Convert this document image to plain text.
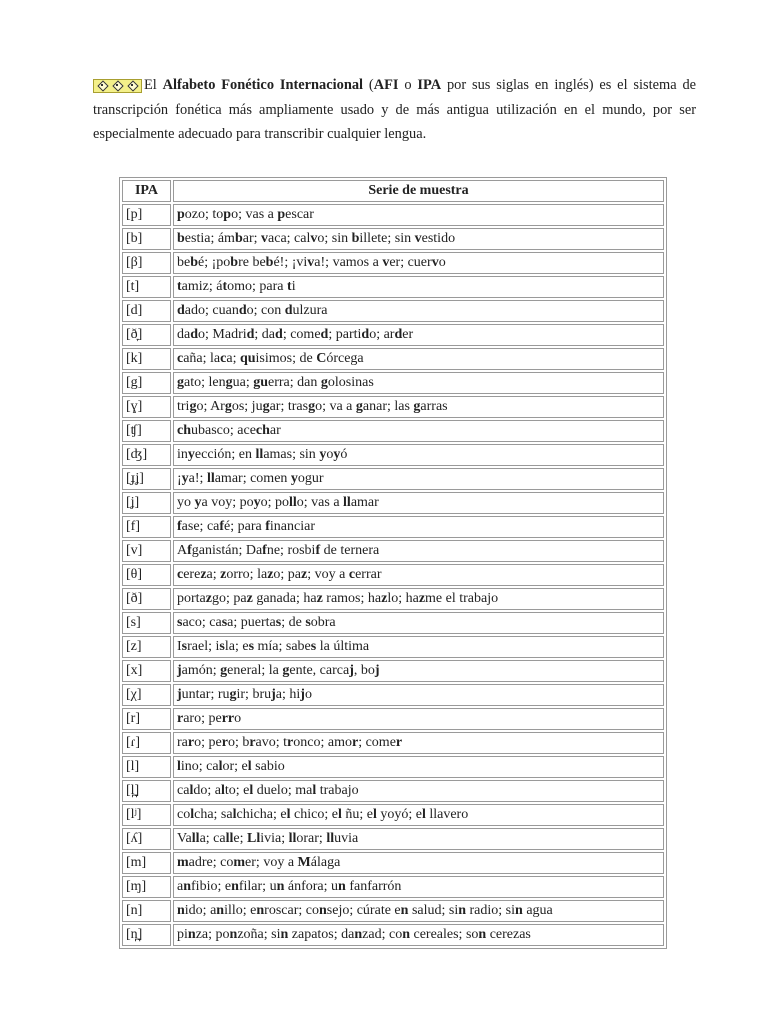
El Alfabeto Fonético Internacional (AFI o IPA por sus siglas en inglés) es el sistema de transcripción fonética más ampliamente usado y de más antigua utilización en el mundo, por ser especialmente adecuado para transcribir cualquier lengua.

IPA	Serie de muestra
[p]	pozo; topo; vas a pescar
[b]	bestia; ámbar; vaca; calvo; sin billete; sin vestido
[β]	bebé; ¡pobre bebé!; ¡viva!; vamos a ver; cuervo
[t]	tamiz; átomo; para ti
[d]	dado; cuando; con dulzura
[ð̞]	dado; Madrid; dad; comed; partido; arder
[k]	caña; laca; quisimos; de Córcega
[g]	gato; lengua; guerra; dan golosinas
[ɣ]	trigo; Argos; jugar; trasgo; va a ganar; las garras
[ʧ]	chubasco; acechar
[ʤ]	inyección; en llamas; sin yoyó
[ɟʝ]	¡ya!; llamar; comen yogur
[ʝ]	yo ya voy; poyo; pollo; vas a llamar
[f]	fase; café; para financiar
[v]	Afganistán; Dafne; rosbif de ternera
[θ]	cereza; zorro; lazo; paz; voy a cerrar
[ð]	portazgo; paz ganada; haz ramos; hazlo; hazme el trabajo
[s]	saco; casa; puertas; de sobra
[z]	Israel; isla; es mía; sabes la última
[x]	jamón; general; la gente, carcaj, boj
[χ]	juntar; rugir; bruja; hijo
[r]	raro; perro
[ɾ]	raro; pero; bravo; tronco; amor; comer
[l]	lino; calor; el sabio
[l̪]	caldo; alto; el duelo; mal trabajo
[lʲ]	colcha; salchicha; el chico; el ñu; el yoyó; el llavero
[ʎ]	Valla; calle; Llivia; llorar; lluvia
[m]	madre; comer; voy a Málaga
[ɱ]	anfibio; enfilar; un ánfora; un fanfarrón
[n]	nido; anillo; enroscar; consejo; cúrate en salud; sin radio; sin agua
[n̪]	pinza; ponzoña; sin zapatos; danzad; con cereales; son cerezas
